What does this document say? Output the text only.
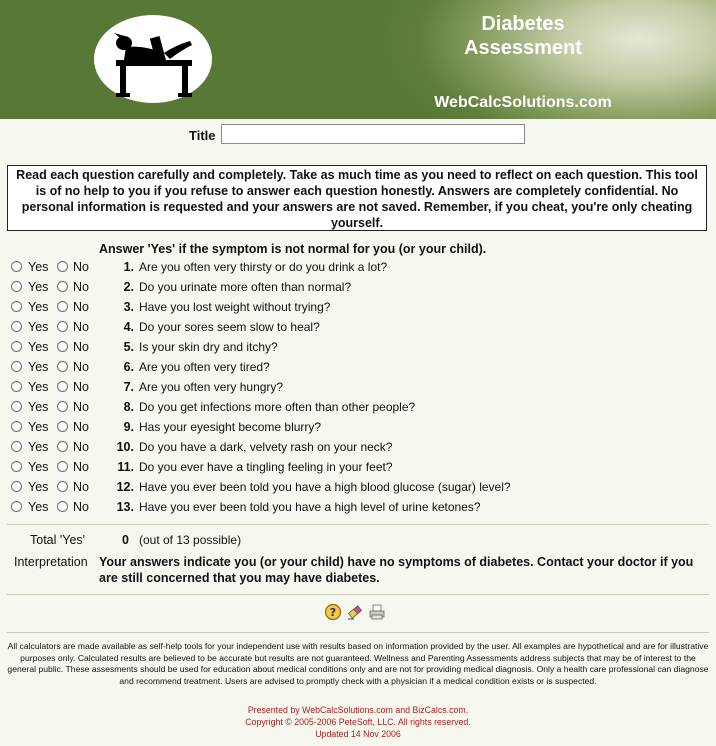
Diabetes
Assessment
WebCalcSolutions.com
Title
Read each question carefully and completely. Take as much time as you need to reflect on each question. This tool is of no help to you if you refuse to answer each question honestly. Answers are completely confidential. No personal information is requested and your answers are not saved. Remember, if you cheat, you're only cheating yourself.
Answer 'Yes' if the symptom is not normal for you (or your child).
Yes No	1. Are you often very thirsty or do you drink a lot?
Yes No	2. Do you urinate more often than normal?
Yes No	3. Have you lost weight without trying?
Yes No	4. Do your sores seem slow to heal?
Yes No	5. Is your skin dry and itchy?
Yes No	6. Are you often very tired?
Yes No	7. Are you often very hungry?
Yes No	8. Do you get infections more often than other people?
Yes No	9. Has your eyesight become blurry?
Yes No	10. Do you have a dark, velvety rash on your neck?
Yes No	11. Do you ever have a tingling feeling in your feet?
Yes No	12. Have you ever been told you have a high blood glucose (sugar) level?
Yes No	13. Have you ever been told you have a high level of urine ketones?
Total 'Yes'	0 (out of 13 possible)
Interpretation Your answers indicate you (or your child) have no symptoms of diabetes. Contact your doctor if you are still concerned that you may have diabetes.
?
All calculators are made available as self-help tools for your independent use with results based on information provided by the user. All examples are hypothetical and are for illustrative purposes only. Calculated results are believed to be accurate but results are not guaranteed. Wellness and Parenting Assessments address subjects that may be of interest to the general public. These assesments should be used for education about medical conditions only and are not for providing medical diagnosis. Only a health care professional can diagnose and recommend treatment. Users are advised to promptly check with a physician if a medical condition exists or is suspected.
Presented by WebCalcSolutions.com and BizCalcs.com.
Copyright © 2005-2006 PeteSoft, LLC. All rights reserved.
Updated 14 Nov 2006
